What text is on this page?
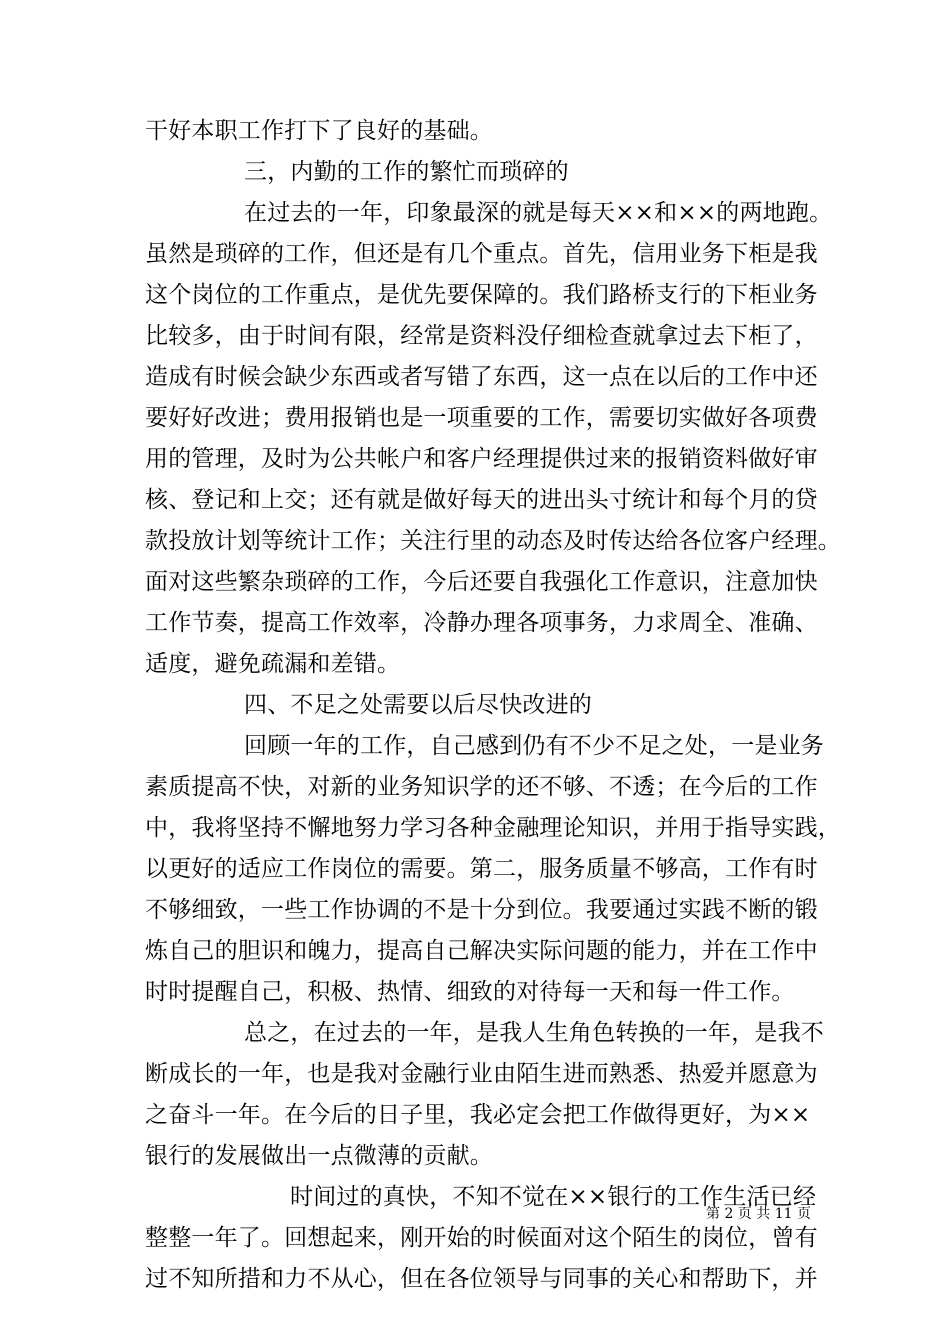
干好本职工作打下了良好的基础。
三，内勤的工作的繁忙而琐碎的
在过去的一年，印象最深的就是每天××和××的两地跑。
虽然是琐碎的工作，但还是有几个重点。首先，信用业务下柜是我
这个岗位的工作重点，是优先要保障的。我们路桥支行的下柜业务
比较多，由于时间有限，经常是资料没仔细检查就拿过去下柜了，
造成有时候会缺少东西或者写错了东西，这一点在以后的工作中还
要好好改进；费用报销也是一项重要的工作，需要切实做好各项费
用的管理，及时为公共帐户和客户经理提供过来的报销资料做好审
核、登记和上交；还有就是做好每天的进出头寸统计和每个月的贷
款投放计划等统计工作；关注行里的动态及时传达给各位客户经理。
面对这些繁杂琐碎的工作，今后还要自我强化工作意识，注意加快
工作节奏，提高工作效率，冷静办理各项事务，力求周全、准确、
适度，避免疏漏和差错。
四、不足之处需要以后尽快改进的
回顾一年的工作，自己感到仍有不少不足之处，一是业务
素质提高不快，对新的业务知识学的还不够、不透；在今后的工作
中，我将坚持不懈地努力学习各种金融理论知识，并用于指导实践，
以更好的适应工作岗位的需要。第二，服务质量不够高，工作有时
不够细致，一些工作协调的不是十分到位。我要通过实践不断的锻
炼自己的胆识和魄力，提高自己解决实际问题的能力，并在工作中
时时提醒自己，积极、热情、细致的对待每一天和每一件工作。
总之，在过去的一年，是我人生角色转换的一年，是我不
断成长的一年，也是我对金融行业由陌生进而熟悉、热爱并愿意为
之奋斗一年。在今后的日子里，我必定会把工作做得更好，为××
银行的发展做出一点微薄的贡献。
时间过的真快，不知不觉在××银行的工作生活已经
整整一年了。回想起来，刚开始的时候面对这个陌生的岗位，曾有
过不知所措和力不从心，但在各位领导与同事的关心和帮助下，并
第 2 页 共 11 页
